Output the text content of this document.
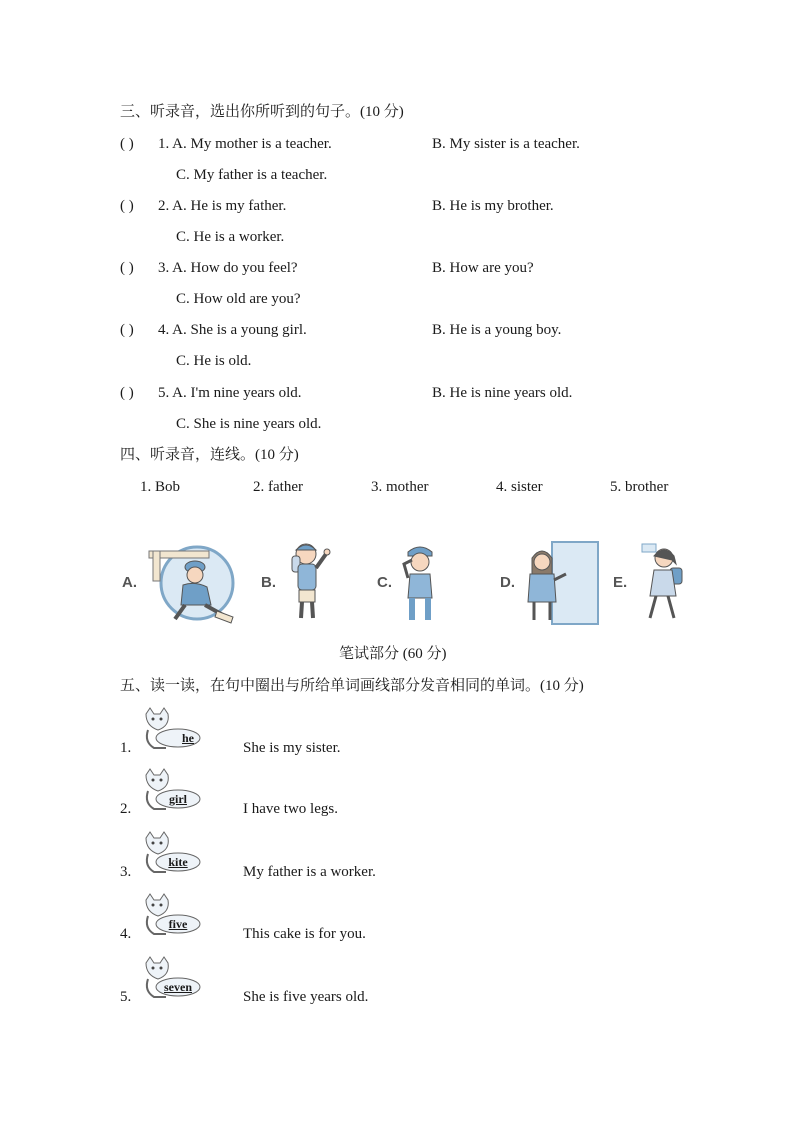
三、听录音，选出你所听到的句子。(10 分)
( ) 1. A. My mother is a teacher.	B. My sister is a teacher.
C. My father is a teacher.
( ) 2. A. He is my father.	B. He is my brother.
C. He is a worker.
( ) 3. A. How do you feel?	B. How are you?
C. How old are you?
( ) 4. A. She is a young girl.	B. He is a young boy.
C. He is old.
( ) 5. A. I'm nine years old.	B. He is nine years old.
C. She is nine years old.
四、听录音，连线。(10 分)
1. Bob	2. father	3. mother	4. sister	5. brother
A.	B.	C.	D.	E.
笔试部分 (60 分)
五、读一读，在句中圈出与所给单词画线部分发音相同的单词。(10 分)
1.
he
She is my sister.
2.
girl
I have two legs.
3.
kite
My father is a worker.
4.
five
This cake is for you.
5.
seven
She is five years old.
